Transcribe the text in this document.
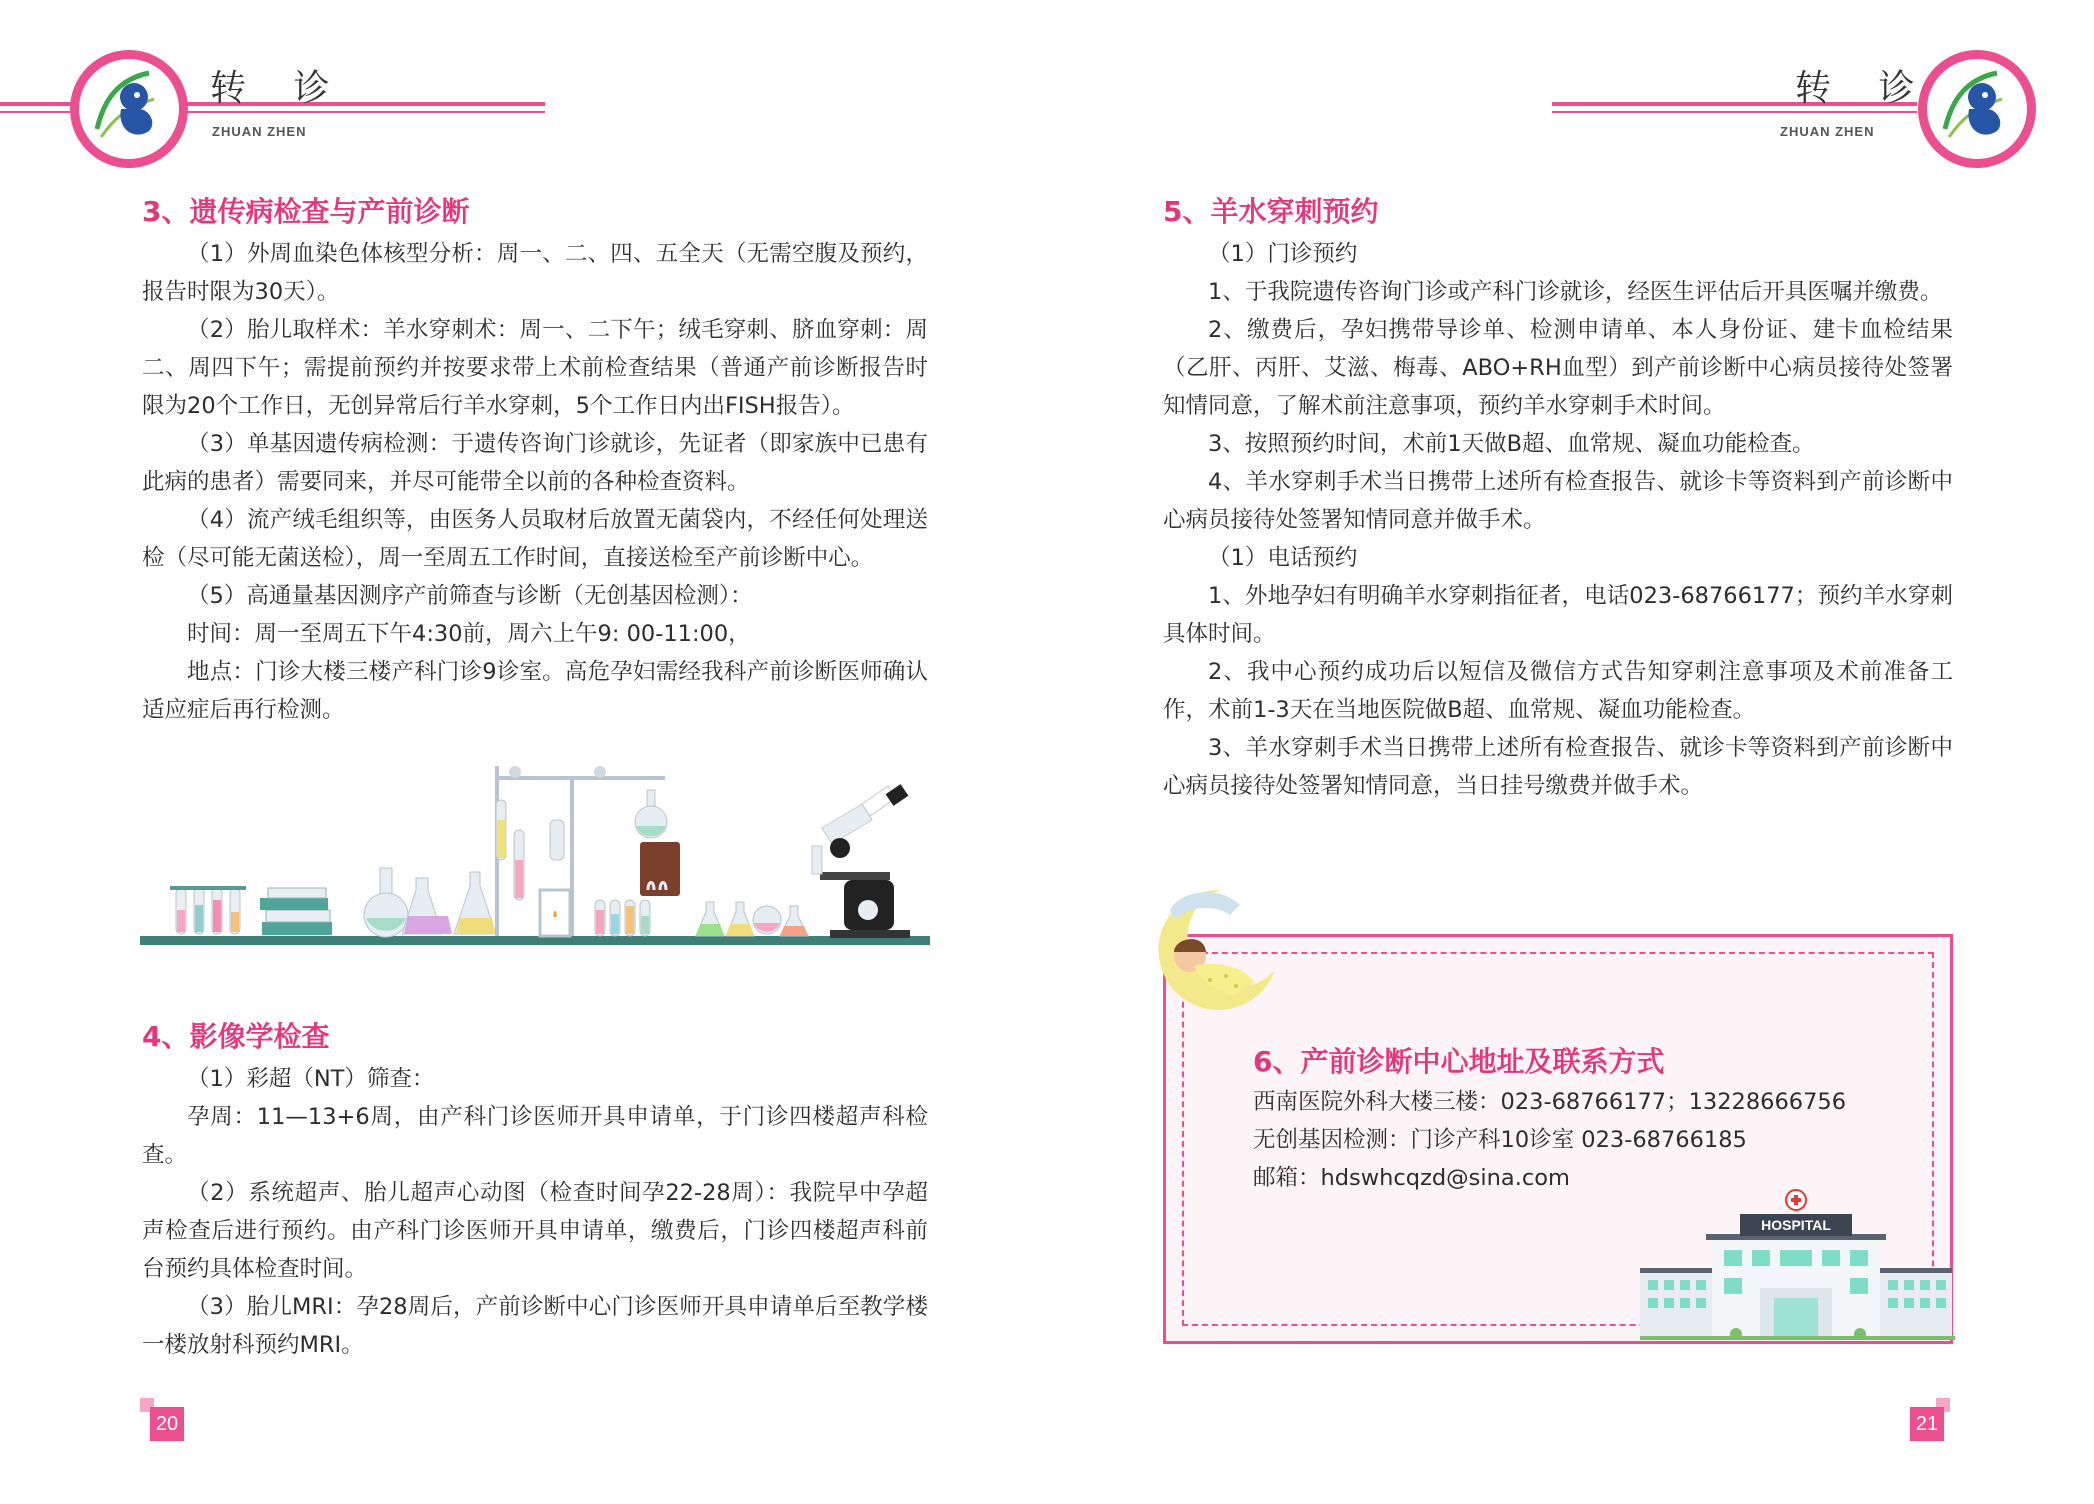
转 诊
ZHUAN ZHEN
转 诊
ZHUAN ZHEN
3、遗传病检查与产前诊断

（1）外周血染色体核型分析：周一、二、四、五全天（无需空腹及预约，报告时限为30天）。

（2）胎儿取样术：羊水穿刺术：周一、二下午；绒毛穿刺、脐血穿刺：周二、周四下午；需提前预约并按要求带上术前检查结果（普通产前诊断报告时限为20个工作日，无创异常后行羊水穿刺，5个工作日内出FISH报告）。

（3）单基因遗传病检测：于遗传咨询门诊就诊，先证者（即家族中已患有此病的患者）需要同来，并尽可能带全以前的各种检查资料。

（4）流产绒毛组织等，由医务人员取材后放置无菌袋内，不经任何处理送检（尽可能无菌送检），周一至周五工作时间，直接送检至产前诊断中心。

（5）高通量基因测序产前筛查与诊断（无创基因检测）：

时间：周一至周五下午4:30前，周六上午9: 00-11:00，

地点：门诊大楼三楼产科门诊9诊室。高危孕妇需经我科产前诊断医师确认适应症后再行检测。

4、影像学检查

（1）彩超（NT）筛查：

孕周：11—13+6周，由产科门诊医师开具申请单，于门诊四楼超声科检查。

（2）系统超声、胎儿超声心动图（检查时间孕22-28周）：我院早中孕超声检查后进行预约。由产科门诊医师开具申请单，缴费后，门诊四楼超声科前台预约具体检查时间。

（3）胎儿MRI：孕28周后，产前诊断中心门诊医师开具申请单后至教学楼一楼放射科预约MRI。

20
5、羊水穿刺预约

（1）门诊预约

1、于我院遗传咨询门诊或产科门诊就诊，经医生评估后开具医嘱并缴费。

2、缴费后，孕妇携带导诊单、检测申请单、本人身份证、建卡血检结果（乙肝、丙肝、艾滋、梅毒、ABO+RH血型）到产前诊断中心病员接待处签署知情同意，了解术前注意事项，预约羊水穿刺手术时间。

3、按照预约时间，术前1天做B超、血常规、凝血功能检查。

4、羊水穿刺手术当日携带上述所有检查报告、就诊卡等资料到产前诊断中心病员接待处签署知情同意并做手术。

（1）电话预约

1、外地孕妇有明确羊水穿刺指征者，电话023-68766177；预约羊水穿刺具体时间。

2、我中心预约成功后以短信及微信方式告知穿刺注意事项及术前准备工作，术前1-3天在当地医院做B超、血常规、凝血功能检查。

3、羊水穿刺手术当日携带上述所有检查报告、就诊卡等资料到产前诊断中心病员接待处签署知情同意，当日挂号缴费并做手术。

6、产前诊断中心地址及联系方式

西南医院外科大楼三楼：023-68766177；13228666756

无创基因检测：门诊产科10诊室 023-68766185

邮箱：hdswhcqzd@sina.com

HOSPITAL
21
